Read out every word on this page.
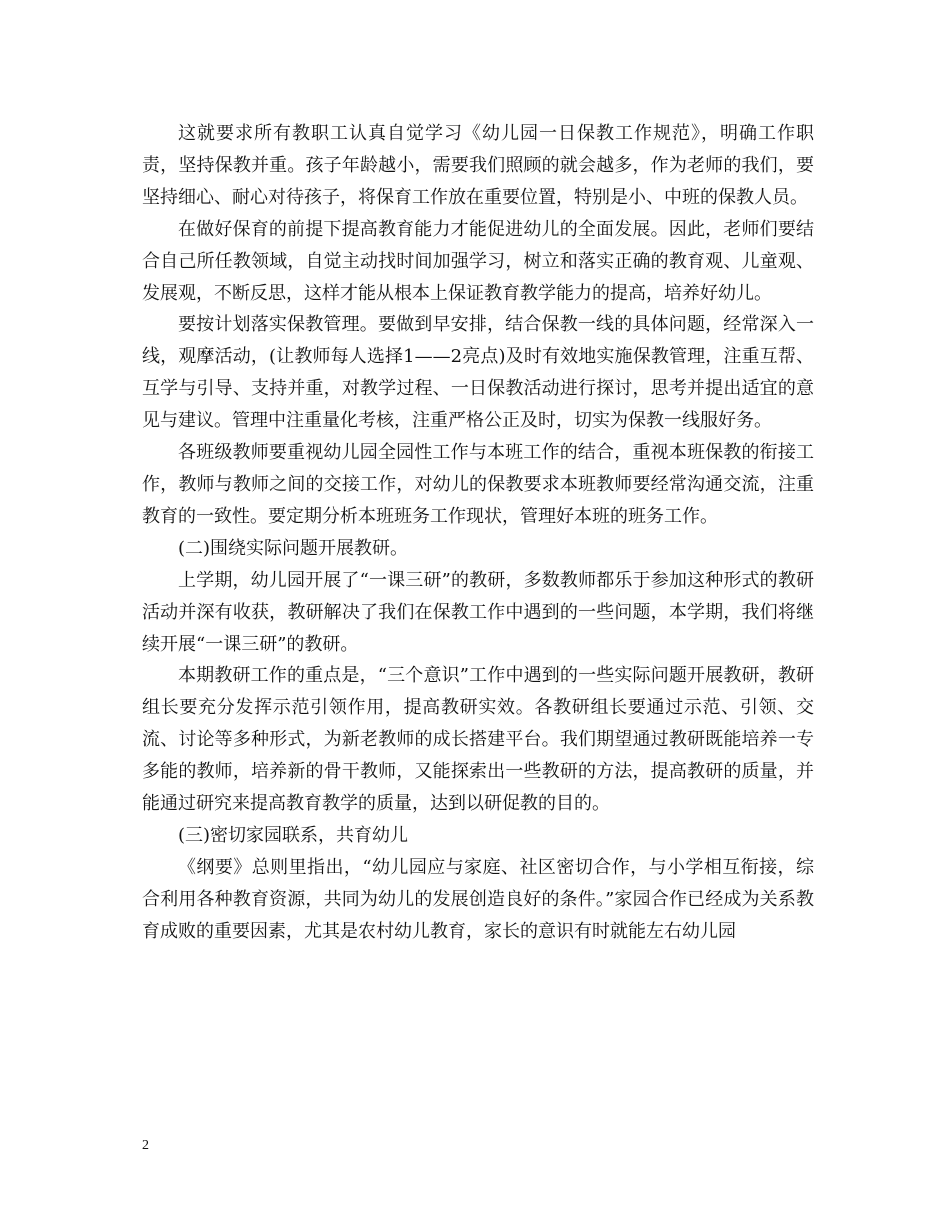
这就要求所有教职工认真自觉学习《幼儿园一日保教工作规范》，明确工作职责，坚持保教并重。孩子年龄越小，需要我们照顾的就会越多，作为老师的我们，要坚持细心、耐心对待孩子，将保育工作放在重要位置，特别是小、中班的保教人员。

在做好保育的前提下提高教育能力才能促进幼儿的全面发展。因此，老师们要结合自己所任教领域，自觉主动找时间加强学习，树立和落实正确的教育观、儿童观、发展观，不断反思，这样才能从根本上保证教育教学能力的提高，培养好幼儿。

要按计划落实保教管理。要做到早安排，结合保教一线的具体问题，经常深入一线，观摩活动，(让教师每人选择1——2亮点)及时有效地实施保教管理，注重互帮、互学与引导、支持并重，对教学过程、一日保教活动进行探讨，思考并提出适宜的意见与建议。管理中注重量化考核，注重严格公正及时，切实为保教一线服好务。

各班级教师要重视幼儿园全园性工作与本班工作的结合，重视本班保教的衔接工作，教师与教师之间的交接工作，对幼儿的保教要求本班教师要经常沟通交流，注重教育的一致性。要定期分析本班班务工作现状，管理好本班的班务工作。

(二)围绕实际问题开展教研。

上学期，幼儿园开展了“一课三研”的教研，多数教师都乐于参加这种形式的教研活动并深有收获，教研解决了我们在保教工作中遇到的一些问题，本学期，我们将继续开展“一课三研”的教研。

本期教研工作的重点是，“三个意识”工作中遇到的一些实际问题开展教研，教研组长要充分发挥示范引领作用，提高教研实效。各教研组长要通过示范、引领、交流、讨论等多种形式，为新老教师的成长搭建平台。我们期望通过教研既能培养一专多能的教师，培养新的骨干教师，又能探索出一些教研的方法，提高教研的质量，并能通过研究来提高教育教学的质量，达到以研促教的目的。

(三)密切家园联系，共育幼儿

《纲要》总则里指出，“幼儿园应与家庭、社区密切合作，与小学相互衔接，综合利用各种教育资源，共同为幼儿的发展创造良好的条件。”家园合作已经成为关系教育成败的重要因素，尤其是农村幼儿教育，家长的意识有时就能左右幼儿园

2
